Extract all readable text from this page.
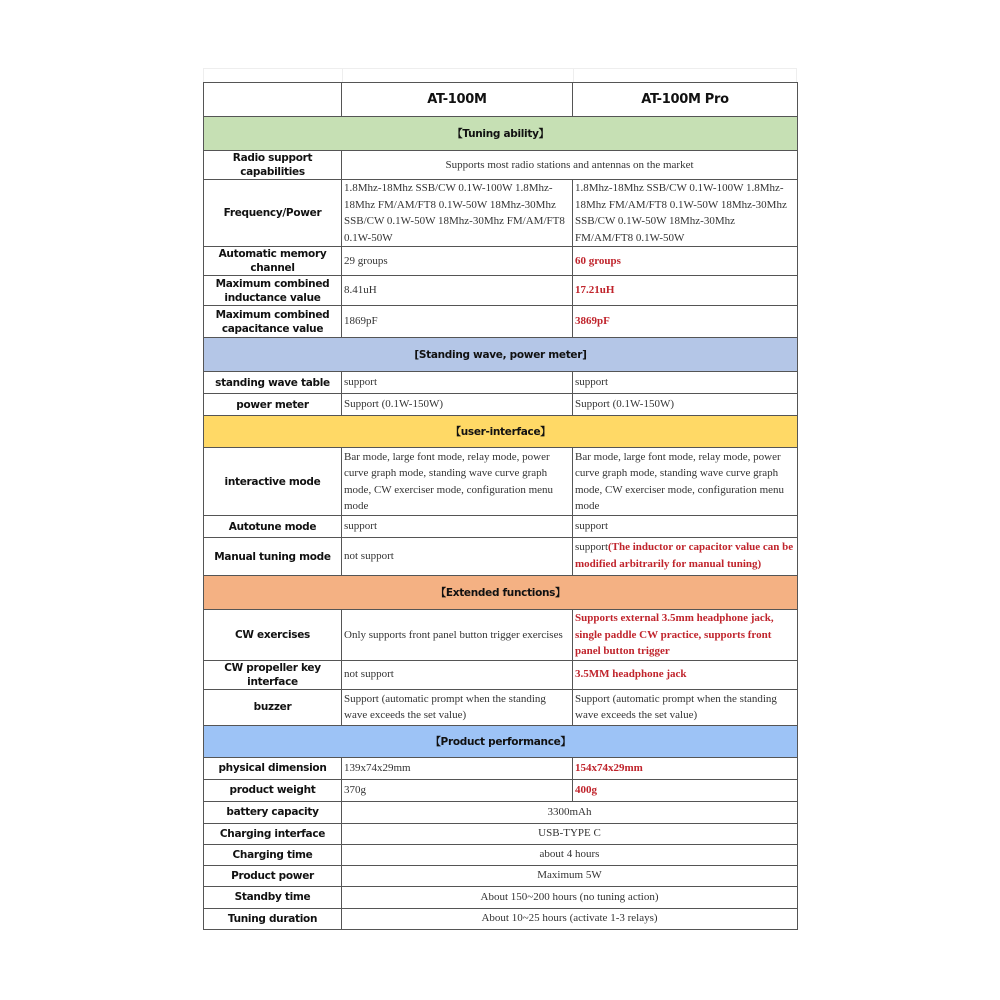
	AT-100M	AT-100M Pro
【Tuning ability】		
Radio support capabilities	Supports most radio stations and antennas on the market	
Frequency/Power	1.8Mhz-18Mhz SSB/CW 0.1W-100W 1.8Mhz-18Mhz FM/AM/FT8 0.1W-50W 18Mhz-30Mhz SSB/CW 0.1W-50W 18Mhz-30Mhz FM/AM/FT8 0.1W-50W	1.8Mhz-18Mhz SSB/CW 0.1W-100W 1.8Mhz-18Mhz FM/AM/FT8 0.1W-50W 18Mhz-30Mhz SSB/CW 0.1W-50W 18Mhz-30Mhz FM/AM/FT8 0.1W-50W
Automatic memory channel	29 groups	60 groups
Maximum combined inductance value	8.41uH	17.21uH
Maximum combined capacitance value	1869pF	3869pF
[Standing wave, power meter]		
standing wave table	support	support
power meter	Support (0.1W-150W)	Support (0.1W-150W)
【user-interface】		
interactive mode	Bar mode, large font mode, relay mode, power curve graph mode, standing wave curve graph mode, CW exerciser mode, configuration menu mode	Bar mode, large font mode, relay mode, power curve graph mode, standing wave curve graph mode, CW exerciser mode, configuration menu mode
Autotune mode	support	support
Manual tuning mode	not support	support(The inductor or capacitor value can be modified arbitrarily for manual tuning)

【Extended functions】		
CW exercises	Only supports front panel button trigger exercises	Supports external 3.5mm headphone jack, single paddle CW practice, supports front panel button trigger
CW propeller key interface	not support	3.5MM headphone jack
buzzer	Support (automatic prompt when the standing wave exceeds the set value)	Support (automatic prompt when the standing wave exceeds the set value)
【Product performance】		
physical dimension	139x74x29mm	154x74x29mm
product weight	370g	400g
battery capacity	3300mAh	
Charging interface	USB-TYPE C	
Charging time	about 4 hours	
Product power	Maximum 5W	
Standby time	About 150~200 hours (no tuning action)	
Tuning duration	About 10~25 hours (activate 1-3 relays)	
